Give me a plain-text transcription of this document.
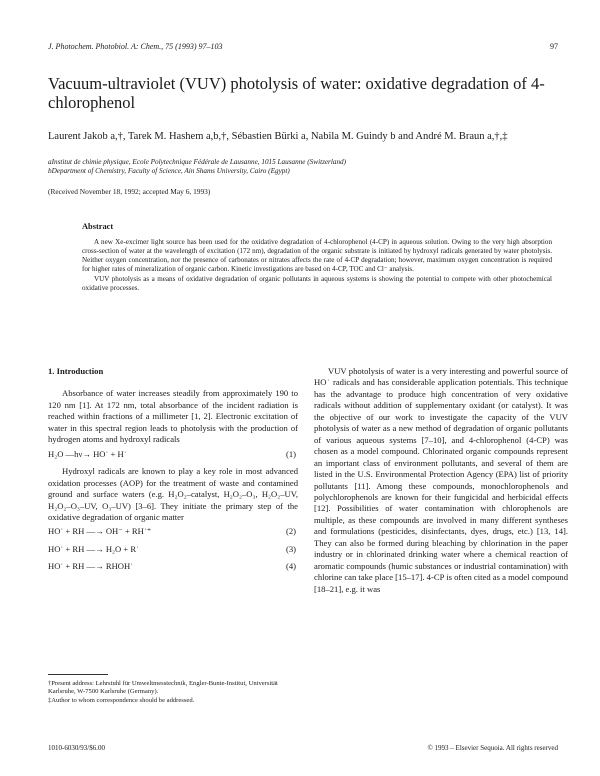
J. Photochem. Photobiol. A: Chem., 75 (1993) 97–103	97
Vacuum-ultraviolet (VUV) photolysis of water: oxidative degradation of 4-chlorophenol
Laurent Jakob a,†, Tarek M. Hashem a,b,†, Sébastien Bürki a, Nabila M. Guindy b and André M. Braun a,†,‡
aInstitut de chimie physique, Ecole Polytechnique Fédérale de Lausanne, 1015 Lausanne (Switzerland)
bDepartment of Chemistry, Faculty of Science, Ain Shams University, Cairo (Egypt)
(Received November 18, 1992; accepted May 6, 1993)
Abstract

A new Xe-excimer light source has been used for the oxidative degradation of 4-chlorophenol (4-CP) in aqueous solution. Owing to the very high absorption cross-section of water at the wavelength of excitation (172 nm), degradation of the organic substrate is initiated by hydroxyl radicals generated by water photolysis. Neither oxygen concentration, nor the presence of carbonates or nitrates affects the rate of 4-CP degradation; however, maximum oxygen concentration is required for higher rates of mineralization of organic carbon. Kinetic investigations are based on 4-CP, TOC and Cl⁻ analysis.

VUV photolysis as a means of oxidative degradation of organic pollutants in aqueous systems is showing the potential to compete with other photochemical oxidative processes.

1. Introduction

Absorbance of water increases steadily from approximately 190 to 120 nm [1]. At 172 nm, total absorbance of the incident radiation is reached within fractions of a millimeter [1, 2]. Electronic excitation of water in this spectral region leads to photolysis with the production of hydrogen atoms and hydroxyl radicals

H₂O —hν→ HO˙ + H˙	(1)

Hydroxyl radicals are known to play a key role in most advanced oxidation processes (AOP) for the treatment of waste and contamined ground and surface waters (e.g. H₂O₂–catalyst, H₂O₂–O₃, H₂O₂–UV, H₂O₂–O₃–UV, O₃–UV) [3–6]. They initiate the primary step of the oxidative degradation of organic matter

HO˙ + RH —→ OH⁻ + RH˙⁺	(2)

HO˙ + RH —→ H₂O + R˙	(3)

HO˙ + RH —→ RHOH˙	(4)

VUV photolysis of water is a very interesting and powerful source of HO˙ radicals and has considerable application potentials. This technique has the advantage to produce high concentration of very oxidative radicals without addition of supplementary oxidant (or catalyst). It was the objective of our work to investigate the capacity of the VUV photolysis of water as a new method of degradation of organic pollutants of various aqueous systems [7–10], and 4-chlorophenol (4-CP) was chosen as a model compound. Chlorinated organic compounds represent an important class of environment pollutants, and several of them are listed in the U.S. Environmental Protection Agency (EPA) list of priority pollutants [11]. Among these compounds, monochlorophenols and polychlorophenols are known for their fungicidal and herbicidal effects [12]. Possibilities of water contamination with chlorophenols are multiple, as these compounds are involved in many different syntheses and formulations (pesticides, disinfectants, dyes, drugs, etc.) [13, 14]. They can also be formed during bleaching by chlorination in the paper industry or in chlorinated drinking water where a chemical reaction of aromatic compounds (humic substances or industrial contamination) with chlorine can take place [15–17]. 4-CP is often cited as a model compound [18–21], e.g. it was

†Present address: Lehrstuhl für Umweltmesstechnik, Engler-Bunte-Institut, Universität Karlsruhe, W-7500 Karlsruhe (Germany).
‡Author to whom correspondence should be addressed.
1010-6030/93/$6.00	© 1993 – Elsevier Sequoia. All rights reserved
